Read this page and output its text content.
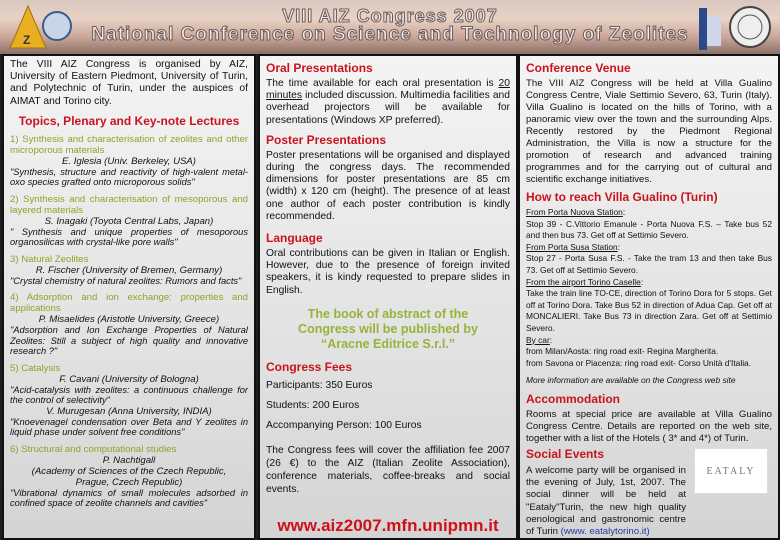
Z
VIII AIZ Congress 2007
National Conference on Science and Technology of Zeolites

The VIII AIZ Congress is organised by AIZ, University of Eastern Piedmont, University of Turin, and Polytechnic of Turin, under the auspices of AIMAT and Torino city.

Topics, Plenary and Key-note Lectures

1) Synthesis and characterisation of zeolites and other microporous materials

E. Iglesia (Univ. Berkeley, USA)

"Synthesis, structure and reactivity of high-valent metal-oxo species grafted onto microporous solids"

2) Synthesis and characterisation of mesoporous and layered materials

S. Inagaki (Toyota Central Labs, Japan)

" Synthesis and unique properties of mesoporous organosilicas with crystal-like pore walls"

3) Natural Zeolites

R. Fischer (University of Bremen, Germany)

"Crystal chemistry of natural zeolites: Rumors and facts"

4) Adsorption and ion exchange: properties and applications

P. Misaelides (Aristotle University, Greece)

"Adsorption and Ion Exchange Properties of Natural Zeolites: Still a subject of high quality and innovative research ?"

5) Catalysis

F. Cavani (University of Bologna)

"Acid-catalysis with zeolites: a continuous challenge for the control of selectivity"

V. Murugesan (Anna University, INDIA)

"Knoevenagel condensation over Beta and Y zeolites in liquid phase under solvent free conditions"

6) Structural and computational studies

P. Nachtigall
(Academy of Sciences of the Czech Republic,
Prague, Czech Republic)

"Vibrational dynamics of small molecules adsorbed in confined space of zeolite channels and cavities"

Oral Presentations

The time available for each oral presentation is 20 minutes included discussion. Multimedia facilities and overhead projectors will be available for presentations (Windows XP preferred).

Poster Presentations

Poster presentations will be organised and displayed during the congress days. The recommended dimensions for poster presentations are 85 cm (width) x 120 cm (height). The presence of at least one author of each poster contribution is kindly recommended.

Language

Oral contributions can be given in Italian or English. However, due to the presence of foreign invited speakers, it is kindy requested to prepare slides in English.

The book of abstract of the
Congress will be published by
“Aracne Editrice S.r.l.”
Congress Fees

Participants: 350 Euros

Students: 200 Euros

Accompanying Person: 100 Euros

The Congress fees will cover the affiliation fee 2007 (26 €) to the AIZ (Italian Zeolite Association), conference materials, coffee-breaks and social events.

www.aiz2007.mfn.unipmn.it
Conference Venue

The VIII AIZ Congress will be held at Villa Gualino Congress Centre, Viale Settimio Severo, 63, Turin (Italy). Villa Gualino is located on the hills of Torino, with a panoramic view over the town and the surrounding Alps. Recently restored by the Piedmont Regional Administration, the Villa is now a structure for the promotion of research and advanced training programmes and for the carrying out of cultural and scientific exchange initiatives.

How to reach Villa Gualino (Turin)

From Porta Nuova Station:

Stop 39 - C.Vittorio Emanule - Porta Nuova F.S. – Take bus 52 and then bus 73. Get off at Settimio Severo.

From Porta Susa Station:

Stop 27 - Porta Susa F.S. - Take the tram 13 and then take Bus 73. Get off at Settimio Severo.

From the airport Torino Caselle:

Take the train line TO-CE, direction of Torino Dora for 5 stops. Get off at Torino Dora. Take Bus 52 in direction of Adua Cap. Get off at MONCALIERI. Take Bus 73 in direction Zara. Get off at Settimio Severo.

By car:

from Milan/Aosta: ring road exit- Regina Margherita.

from Savona or Piacenza: ring road exit- Corso Unità d'Italia.

More information are available on the Congress web site

Accommodation

Rooms at special price are available at Villa Gualino Congress Centre. Details are reported on the web site, together with a list of the Hotels ( 3* and 4*) of Turin.

Social Events

A welcome party will be organised in the evening of July, 1st, 2007. The social dinner will be held at "Eataly"Turin, the new high quality oenological and gastronomic centre of Turin (www. eatalytorino.it)

EATALY
